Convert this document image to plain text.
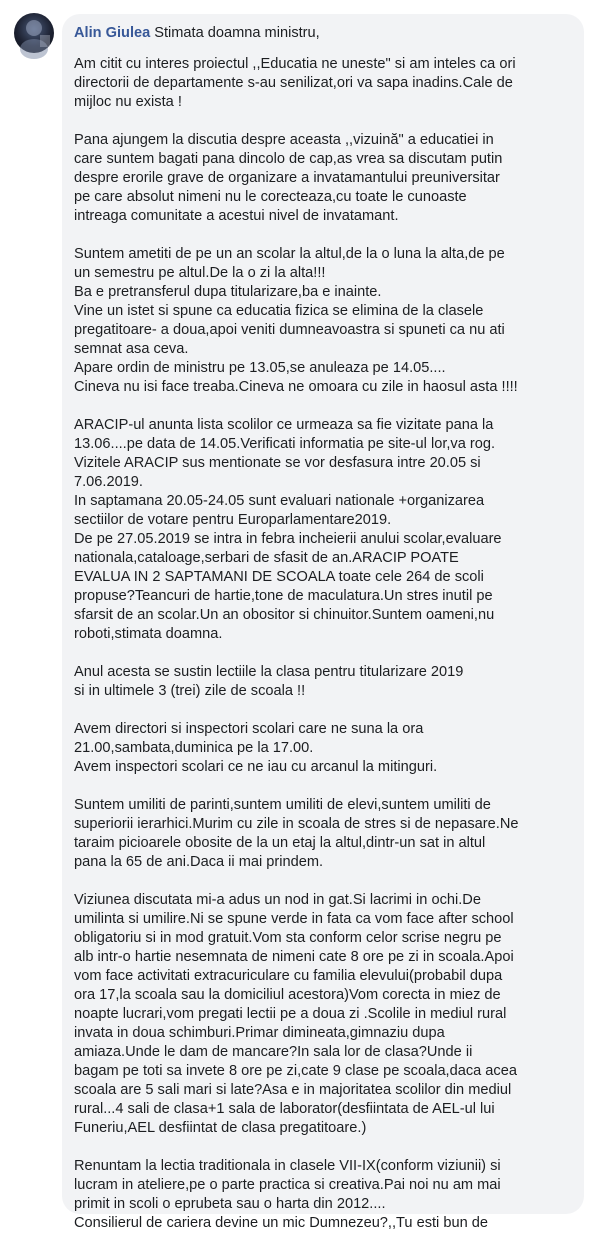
Alin Giulea Stimata doamna ministru,

Am citit cu interes proiectul ,,Educatia ne uneste" si am inteles ca ori
directorii de departamente s-au senilizat,ori va sapa inadins.Cale de
mijloc nu exista !

Pana ajungem la discutia despre aceasta ,,vizuină" a educatiei in
care suntem bagati pana dincolo de cap,as vrea sa discutam putin
despre erorile grave de organizare a invatamantului preuniversitar
pe care absolut nimeni nu le corecteaza,cu toate le cunoaste
intreaga comunitate a acestui nivel de invatamant.

Suntem ametiti de pe un an scolar la altul,de la o luna la alta,de pe
un semestru pe altul.De la o zi la alta!!!
Ba e pretransferul dupa titularizare,ba e inainte.
Vine un istet si spune ca educatia fizica se elimina de la clasele
pregatitoare- a doua,apoi veniti dumneavoastra si spuneti ca nu ati
semnat asa ceva.
Apare ordin de ministru pe 13.05,se anuleaza pe 14.05....
Cineva nu isi face treaba.Cineva ne omoara cu zile in haosul asta !!!!

ARACIP-ul anunta lista scolilor ce urmeaza sa fie vizitate pana la
13.06....pe data de 14.05.Verificati informatia pe site-ul lor,va rog.
Vizitele ARACIP sus mentionate se vor desfasura intre 20.05 si
7.06.2019.
In saptamana 20.05-24.05 sunt evaluari nationale +organizarea
sectiilor de votare pentru Europarlamentare2019.
De pe 27.05.2019 se intra in febra incheierii anului scolar,evaluare
nationala,cataloage,serbari de sfasit de an.ARACIP POATE
EVALUA IN 2 SAPTAMANI DE SCOALA toate cele 264 de scoli
propuse?Teancuri de hartie,tone de maculatura.Un stres inutil pe
sfarsit de an scolar.Un an obositor si chinuitor.Suntem oameni,nu
roboti,stimata doamna.

Anul acesta se sustin lectiile la clasa pentru titularizare 2019
si in ultimele 3 (trei) zile de scoala !!

Avem directori si inspectori scolari care ne suna la ora
21.00,sambata,duminica pe la 17.00.
Avem inspectori scolari ce ne iau cu arcanul la mitinguri.

Suntem umiliti de parinti,suntem umiliti de elevi,suntem umiliti de
superiorii ierarhici.Murim cu zile in scoala de stres si de nepasare.Ne
taraim picioarele obosite de la un etaj la altul,dintr-un sat in altul
pana la 65 de ani.Daca ii mai prindem.

Viziunea discutata mi-a adus un nod in gat.Si lacrimi in ochi.De
umilinta si umilire.Ni se spune verde in fata ca vom face after school
obligatoriu si in mod gratuit.Vom sta conform celor scrise negru pe
alb intr-o hartie nesemnata de nimeni cate 8 ore pe zi in scoala.Apoi
vom face activitati extracuriculare cu familia elevului(probabil dupa
ora 17,la scoala sau la domiciliul acestora)Vom corecta in miez de
noapte lucrari,vom pregati lectii pe a doua zi .Scolile in mediul rural
invata in doua schimburi.Primar dimineata,gimnaziu dupa
amiaza.Unde le dam de mancare?In sala lor de clasa?Unde ii
bagam pe toti sa invete 8 ore pe zi,cate 9 clase pe scoala,daca acea
scoala are 5 sali mari si late?Asa e in majoritatea scolilor din mediul
rural...4 sali de clasa+1 sala de laborator(desfiintata de AEL-ul lui
Funeriu,AEL desfiintat de clasa pregatitoare.)

Renuntam la lectia traditionala in clasele VII-IX(conform viziunii) si
lucram in ateliere,pe o parte practica si creativa.Pai noi nu am mai
primit in scoli o eprubeta sau o harta din 2012....
Consilierul de cariera devine un mic Dumnezeu?,,Tu esti bun de
